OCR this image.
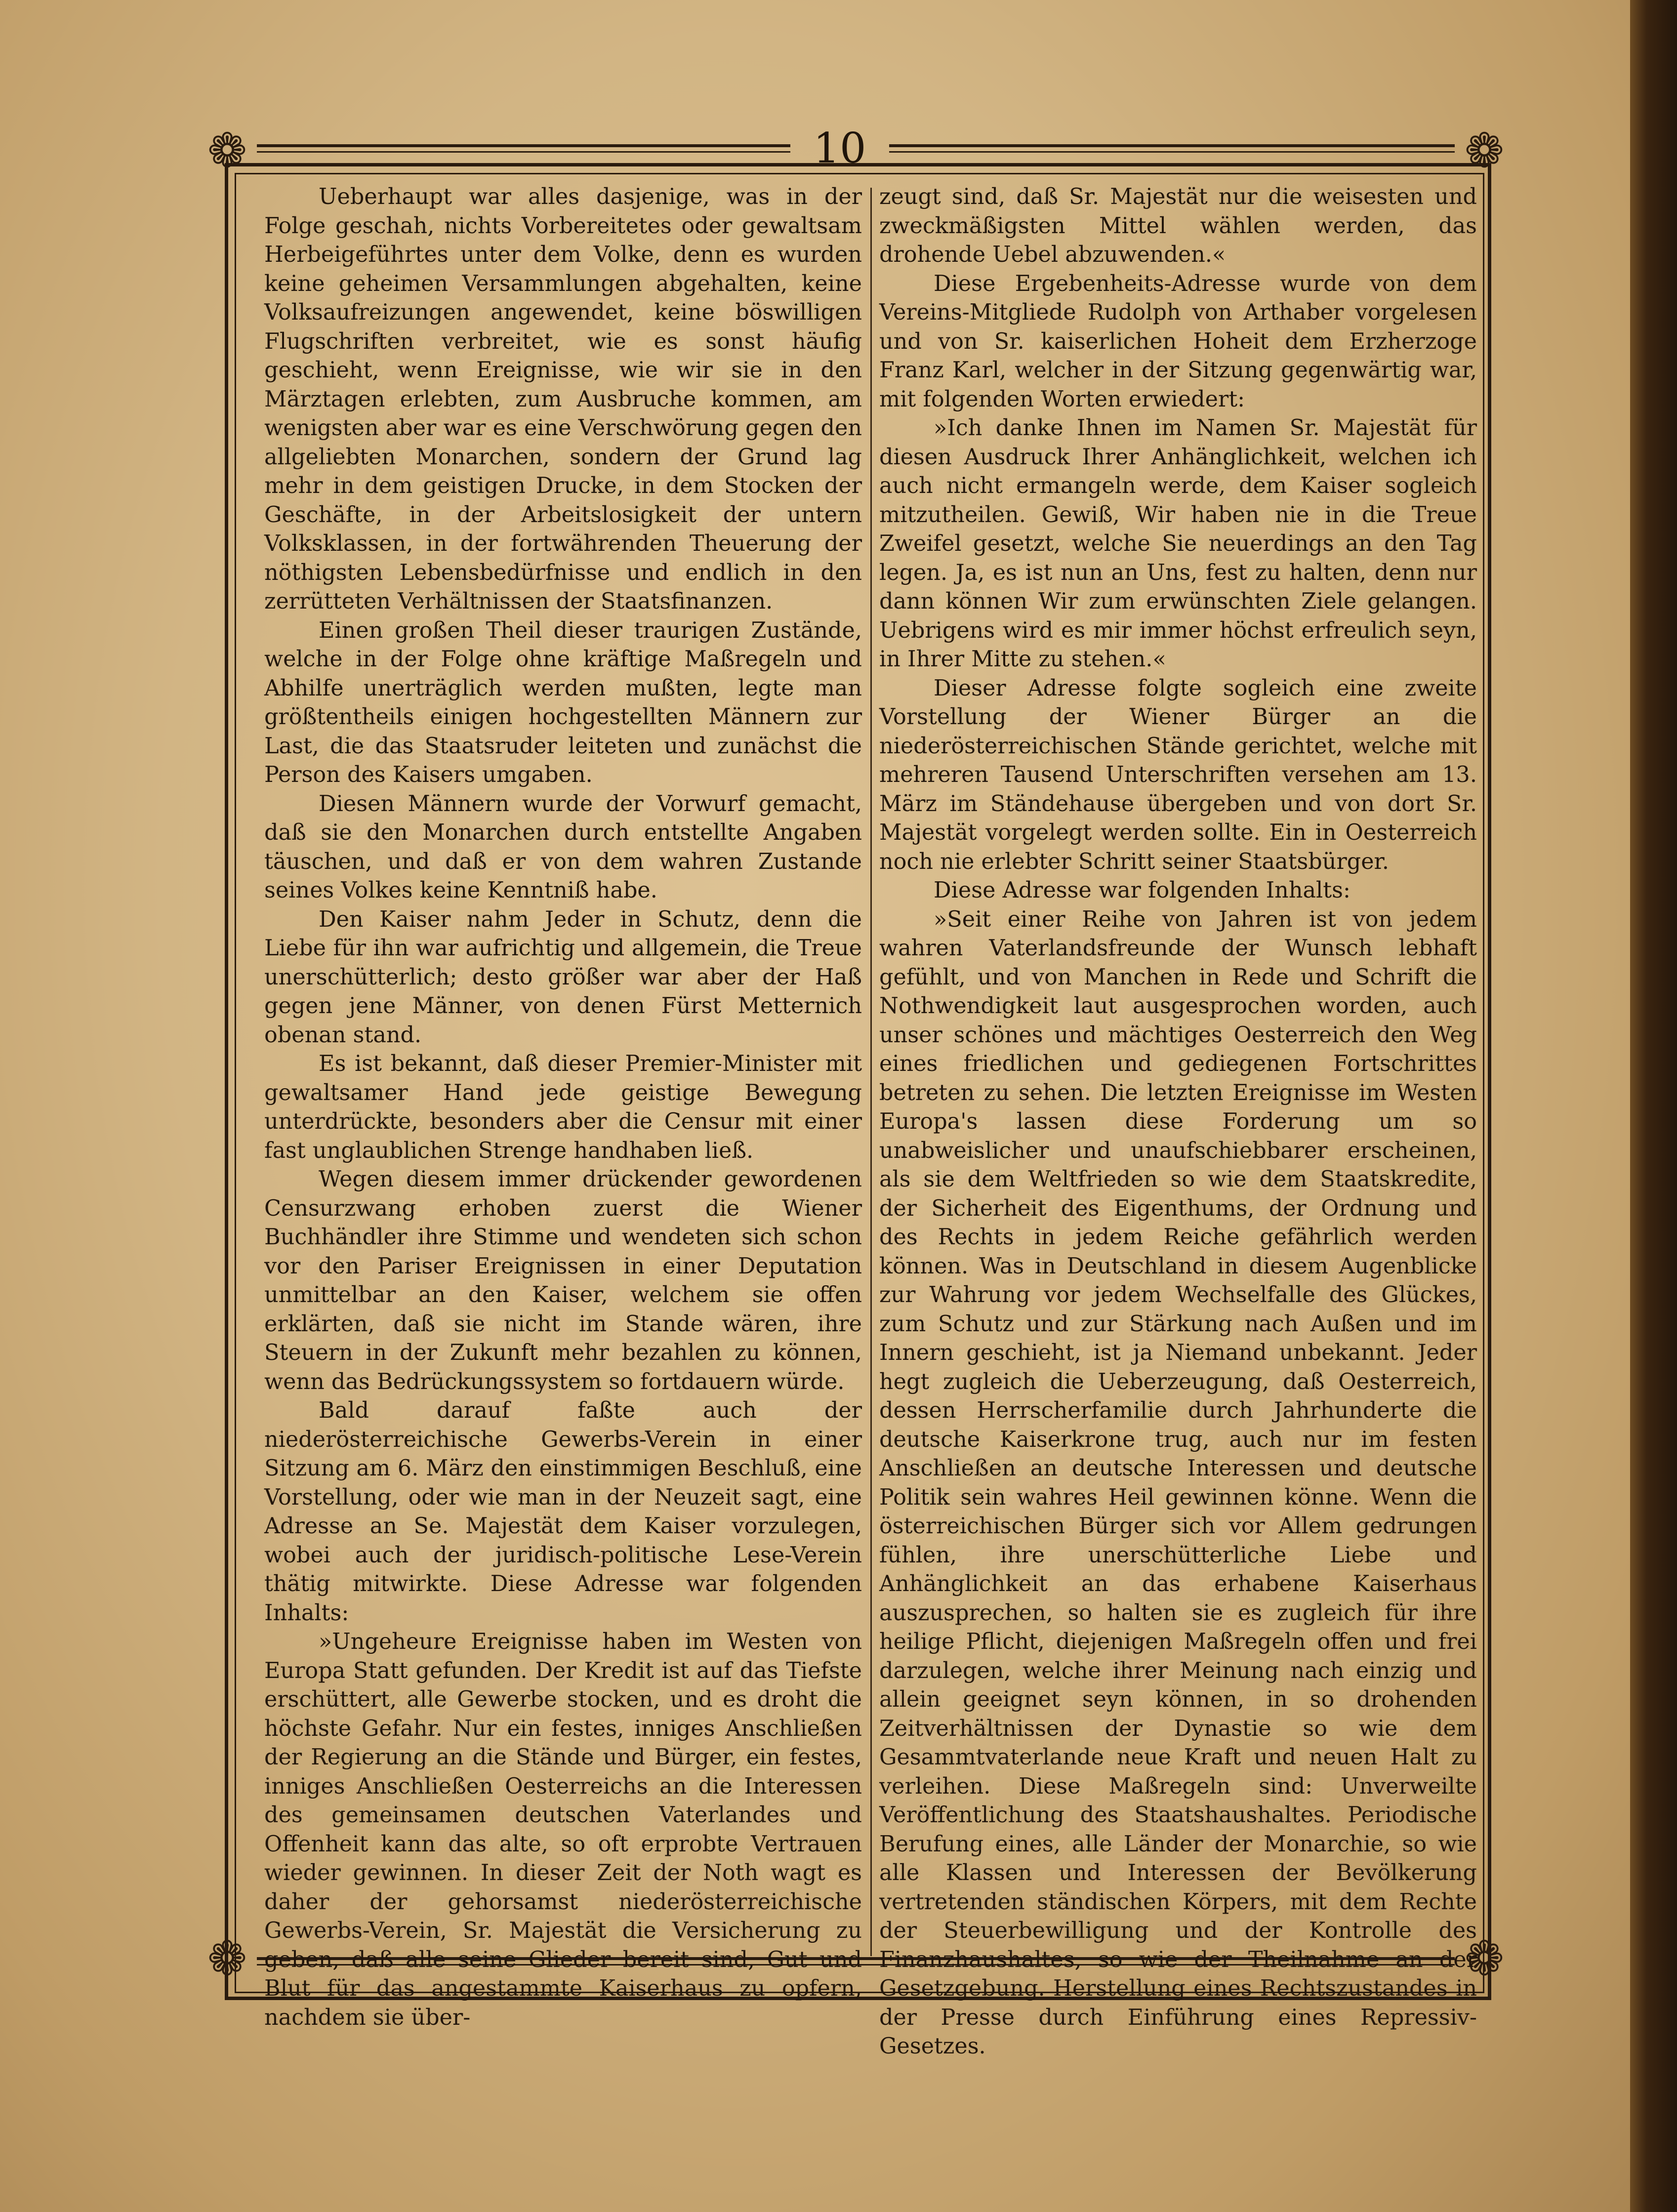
❁	❁
❁	❁
10

Ueberhaupt war alles dasjenige, was in der Folge geschah, nichts Vorbereitetes oder gewaltsam Herbeigeführtes unter dem Volke, denn es wurden keine geheimen Versammlungen abgehalten, keine Volksaufreizungen angewendet, keine böswilligen Flugschriften verbreitet, wie es sonst häufig geschieht, wenn Ereignisse, wie wir sie in den Märztagen erlebten, zum Ausbruche kommen, am wenigsten aber war es eine Verschwörung gegen den allgeliebten Monarchen, sondern der Grund lag mehr in dem geistigen Drucke, in dem Stocken der Geschäfte, in der Arbeitslosigkeit der untern Volksklassen, in der fortwährenden Theuerung der nöthigsten Lebensbedürfnisse und endlich in den zerrütteten Verhältnissen der Staatsfinanzen.

Einen großen Theil dieser traurigen Zustände, welche in der Folge ohne kräftige Maßregeln und Abhilfe unerträglich werden mußten, legte man größtentheils einigen hochgestellten Männern zur Last, die das Staatsruder leiteten und zunächst die Person des Kaisers umgaben.

Diesen Männern wurde der Vorwurf gemacht, daß sie den Monarchen durch entstellte Angaben täuschen, und daß er von dem wahren Zustande seines Volkes keine Kenntniß habe.

Den Kaiser nahm Jeder in Schutz, denn die Liebe für ihn war aufrichtig und allgemein, die Treue unerschütterlich; desto größer war aber der Haß gegen jene Männer, von denen Fürst Metternich obenan stand.

Es ist bekannt, daß dieser Premier-Minister mit gewaltsamer Hand jede geistige Bewegung unterdrückte, besonders aber die Censur mit einer fast unglaublichen Strenge handhaben ließ.

Wegen diesem immer drückender gewordenen Censurzwang erhoben zuerst die Wiener Buchhändler ihre Stimme und wendeten sich schon vor den Pariser Ereignissen in einer Deputation unmittelbar an den Kaiser, welchem sie offen erklärten, daß sie nicht im Stande wären, ihre Steuern in der Zukunft mehr bezahlen zu können, wenn das Bedrückungssystem so fortdauern würde.

Bald darauf faßte auch der niederösterreichische Gewerbs-Verein in einer Sitzung am 6. März den einstimmigen Beschluß, eine Vorstellung, oder wie man in der Neuzeit sagt, eine Adresse an Se. Majestät dem Kaiser vorzulegen, wobei auch der juridisch-politische Lese-Verein thätig mitwirkte. Diese Adresse war folgenden Inhalts:

»Ungeheure Ereignisse haben im Westen von Europa Statt gefunden. Der Kredit ist auf das Tiefste erschüttert, alle Gewerbe stocken, und es droht die höchste Gefahr. Nur ein festes, inniges Anschließen der Regierung an die Stände und Bürger, ein festes, inniges Anschließen Oesterreichs an die Interessen des gemeinsamen deutschen Vaterlandes und Offenheit kann das alte, so oft erprobte Vertrauen wieder gewinnen. In dieser Zeit der Noth wagt es daher der gehorsamst niederösterreichische Gewerbs-Verein, Sr. Majestät die Versicherung zu geben, daß alle seine Glieder bereit sind, Gut und Blut für das angestammte Kaiserhaus zu opfern, nachdem sie über-

zeugt sind, daß Sr. Majestät nur die weisesten und zweckmäßigsten Mittel wählen werden, das drohende Uebel abzuwenden.«

Diese Ergebenheits-Adresse wurde von dem Vereins-Mitgliede Rudolph von Arthaber vorgelesen und von Sr. kaiserlichen Hoheit dem Erzherzoge Franz Karl, welcher in der Sitzung gegenwärtig war, mit folgenden Worten erwiedert:

»Ich danke Ihnen im Namen Sr. Majestät für diesen Ausdruck Ihrer Anhänglichkeit, welchen ich auch nicht ermangeln werde, dem Kaiser sogleich mitzutheilen. Gewiß, Wir haben nie in die Treue Zweifel gesetzt, welche Sie neuerdings an den Tag legen. Ja, es ist nun an Uns, fest zu halten, denn nur dann können Wir zum erwünschten Ziele gelangen. Uebrigens wird es mir immer höchst erfreulich seyn, in Ihrer Mitte zu stehen.«

Dieser Adresse folgte sogleich eine zweite Vorstellung der Wiener Bürger an die niederösterreichischen Stände gerichtet, welche mit mehreren Tausend Unterschriften versehen am 13. März im Ständehause übergeben und von dort Sr. Majestät vorgelegt werden sollte. Ein in Oesterreich noch nie erlebter Schritt seiner Staatsbürger.

Diese Adresse war folgenden Inhalts:

»Seit einer Reihe von Jahren ist von jedem wahren Vaterlandsfreunde der Wunsch lebhaft gefühlt, und von Manchen in Rede und Schrift die Nothwendigkeit laut ausgesprochen worden, auch unser schönes und mächtiges Oesterreich den Weg eines friedlichen und gediegenen Fortschrittes betreten zu sehen. Die letzten Ereignisse im Westen Europa's lassen diese Forderung um so unabweislicher und unaufschiebbarer erscheinen, als sie dem Weltfrieden so wie dem Staatskredite, der Sicherheit des Eigenthums, der Ordnung und des Rechts in jedem Reiche gefährlich werden können. Was in Deutschland in diesem Augenblicke zur Wahrung vor jedem Wechselfalle des Glückes, zum Schutz und zur Stärkung nach Außen und im Innern geschieht, ist ja Niemand unbekannt. Jeder hegt zugleich die Ueberzeugung, daß Oesterreich, dessen Herrscherfamilie durch Jahrhunderte die deutsche Kaiserkrone trug, auch nur im festen Anschließen an deutsche Interessen und deutsche Politik sein wahres Heil gewinnen könne. Wenn die österreichischen Bürger sich vor Allem gedrungen fühlen, ihre unerschütterliche Liebe und Anhänglichkeit an das erhabene Kaiserhaus auszusprechen, so halten sie es zugleich für ihre heilige Pflicht, diejenigen Maßregeln offen und frei darzulegen, welche ihrer Meinung nach einzig und allein geeignet seyn können, in so drohenden Zeitverhältnissen der Dynastie so wie dem Gesammtvaterlande neue Kraft und neuen Halt zu verleihen. Diese Maßregeln sind: Unverweilte Veröffentlichung des Staatshaushaltes. Periodische Berufung eines, alle Länder der Monarchie, so wie alle Klassen und Interessen der Bevölkerung vertretenden ständischen Körpers, mit dem Rechte der Steuerbewilligung und der Kontrolle des Finanzhaushaltes, so wie der Theilnahme an der Gesetzgebung. Herstellung eines Rechtszustandes in der Presse durch Einführung eines Repressiv-Gesetzes.
